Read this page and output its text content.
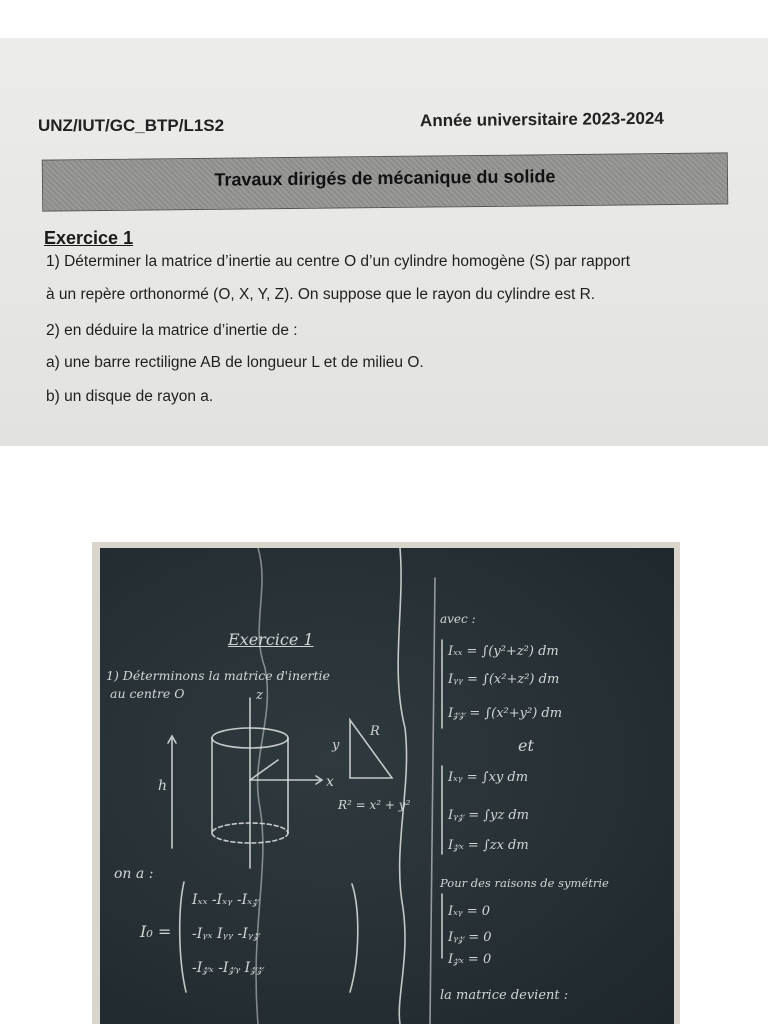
UNZ/IUT/GC_BTP/L1S2	Année universitaire 2023-2024
Travaux dirigés de mécanique du solide
Exercice 1
1) Déterminer la matrice d’inertie au centre O d’un cylindre homogène (S) par rapport
à un repère orthonormé (O, X, Y, Z). On suppose que le rayon du cylindre est R.
2) en déduire la matrice d’inertie de :
a) une barre rectiligne AB de longueur L et de milieu O.
b) un disque de rayon a.
Exercice 1
1) Déterminons la matrice d'inertie
au centre O
h	x
y
z
R
R² = x² + y²
on a :
I₀ =
Iₓₓ -Iₓᵧ -Iₓ𝓏
-Iᵧₓ Iᵧᵧ -Iᵧ𝓏
-I𝓏ₓ -I𝓏ᵧ I𝓏𝓏
avec :
Iₓₓ = ∫(y²+z²) dm
Iᵧᵧ = ∫(x²+z²) dm
I𝓏𝓏 = ∫(x²+y²) dm
et
Iₓᵧ = ∫xy dm
Iᵧ𝓏 = ∫yz dm
I𝓏ₓ = ∫zx dm
Pour des raisons de symétrie
Iₓᵧ = 0
Iᵧ𝓏 = 0
I𝓏ₓ = 0
la matrice devient :
